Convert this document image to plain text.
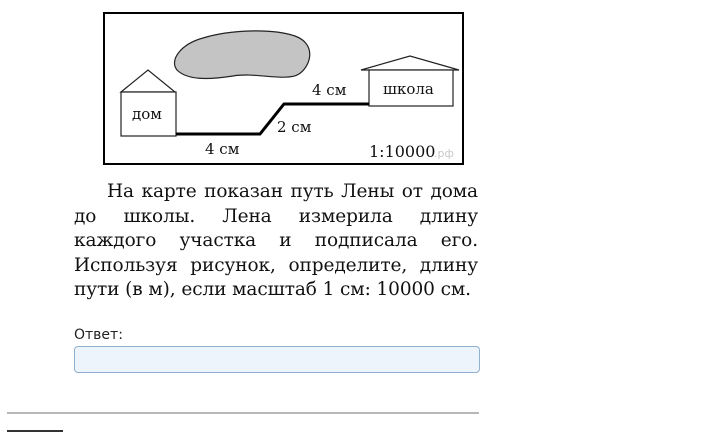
дом
школа
4 см
2 см
4 см
1:10000
.рф

На карте показан путь Лены от дома до школы. Лена измерила длину каждого участка и подписала его. Используя рисунок, определите, длину пути (в м), если масштаб 1 см: 10000 см.

Ответ:
